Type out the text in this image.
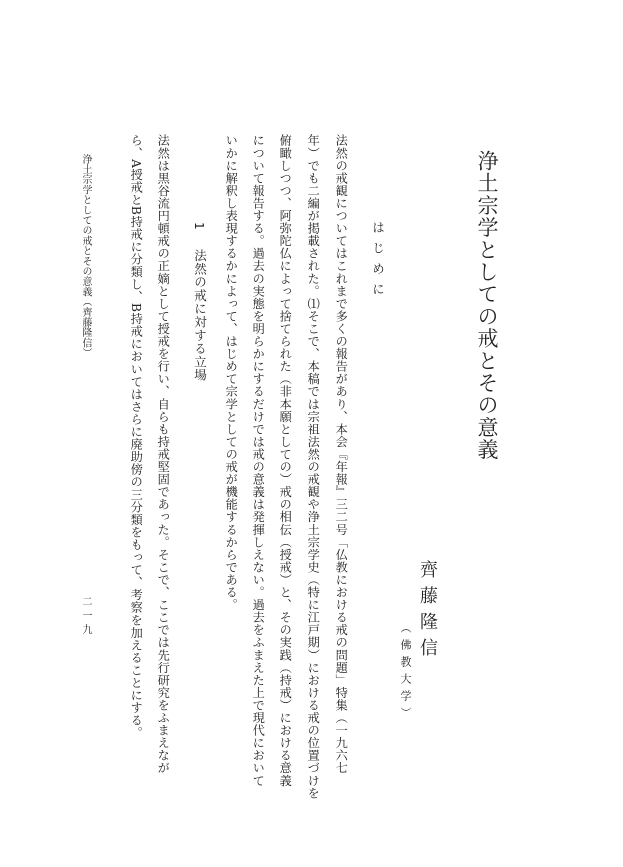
浄土宗学としての戒とその意義
齊藤隆信
（佛教大学）
はじめに
法然の戒観についてはこれまで多くの報告があり、本会『年報』三二号「仏教における戒の問題」特集（一九六七
年）でも二編が掲載された。⑴そこで、本稿では宗祖法然の戒観や浄土宗学史（特に江戸期）における戒の位置づけを
俯瞰しつつ、阿弥陀仏によって捨てられた（非本願としての）戒の相伝（授戒）と、その実践（持戒）における意義
について報告する。過去の実態を明らかにするだけでは戒の意義は発揮しえない。過去をふまえた上で現代において
いかに解釈し表現するかによって、はじめて宗学としての戒が機能するからである。
1
法然の戒に対する立場
法然は黒谷流円頓戒の正嫡として授戒を行い、自らも持戒堅固であった。そこで、ここでは先行研究をふまえなが
ら、A授戒とB持戒に分類し、B持戒においてはさらに廃助傍の三分類をもって、考察を加えることにする。
浄土宗学としての戒とその意義（齊藤隆信）
二一九
